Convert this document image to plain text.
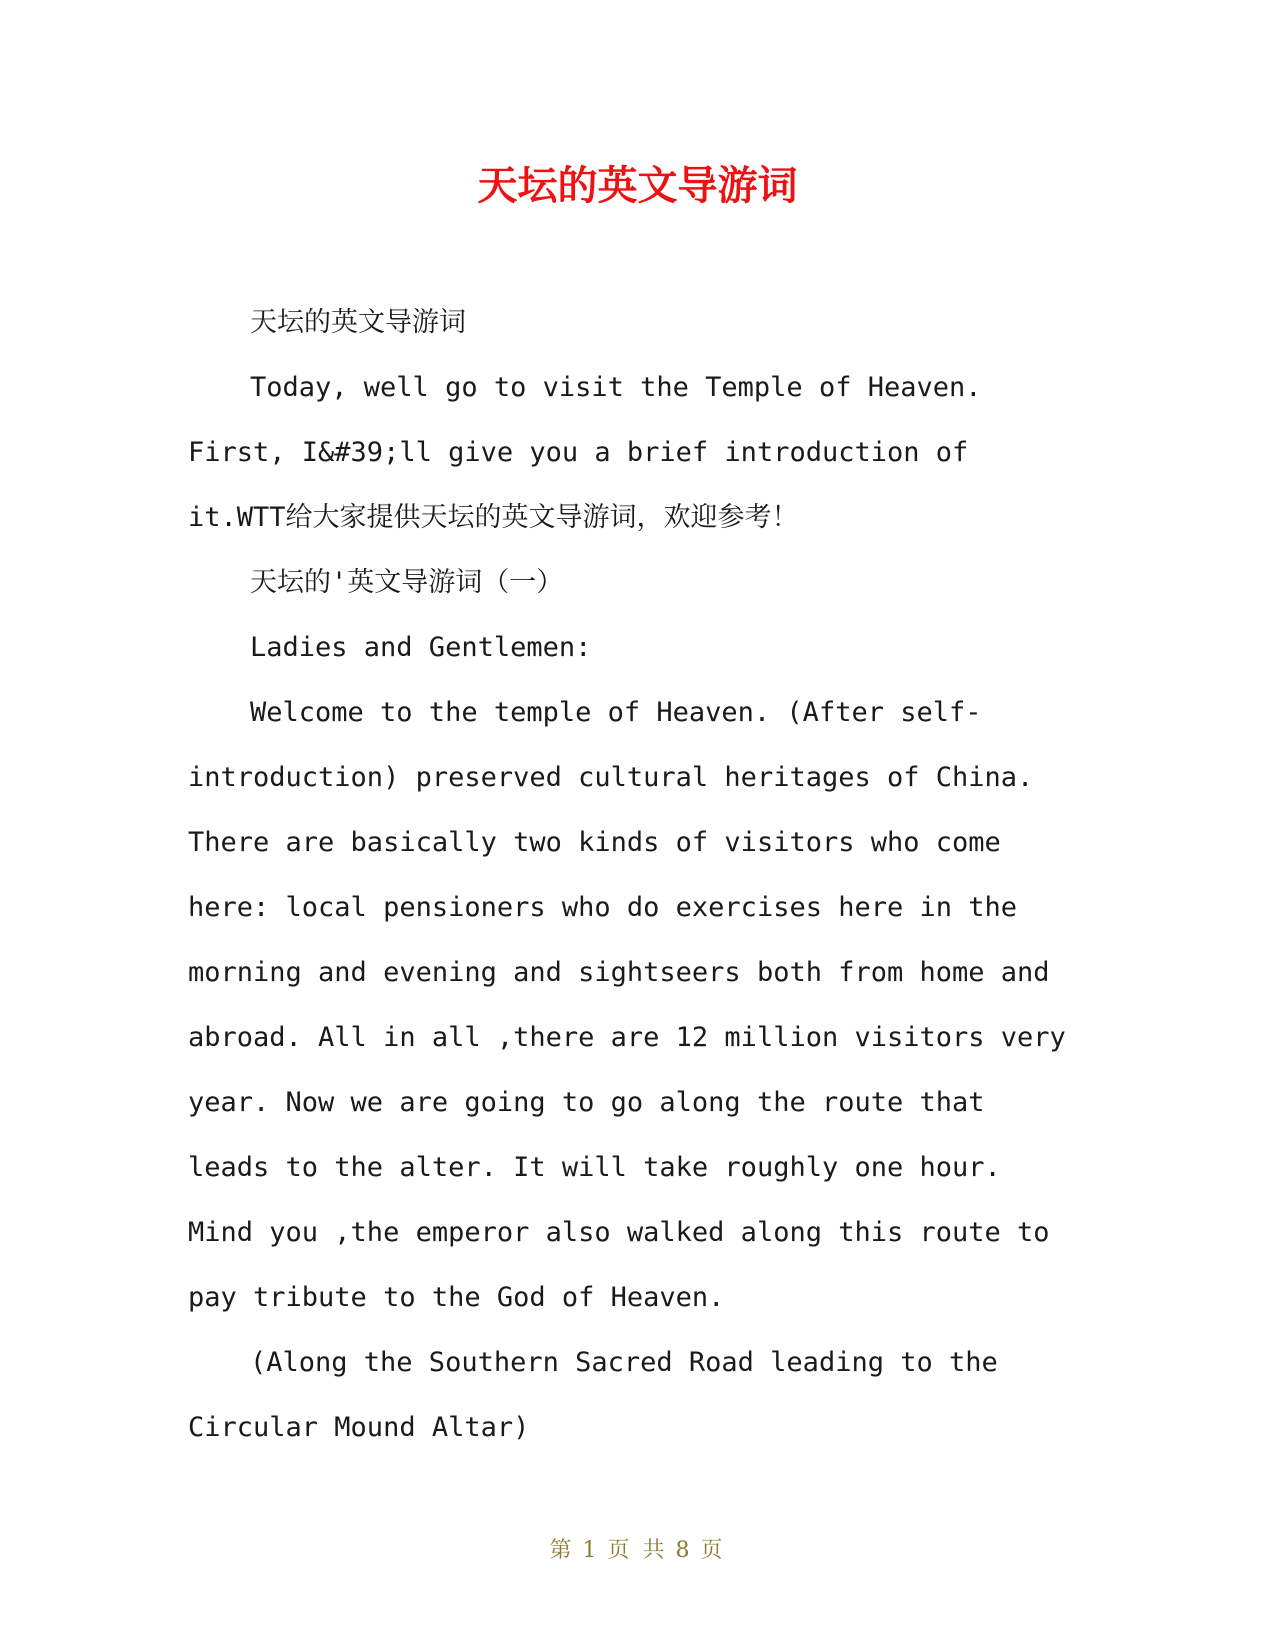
天坛的英文导游词

天坛的英文导游词

Today, well go to visit the Temple of Heaven.
First, I&#39;ll give you a brief introduction of
it.WTT给大家提供天坛的英文导游词，欢迎参考！

天坛的'英文导游词（一）

Ladies and Gentlemen:

Welcome to the temple of Heaven. (After self-
introduction) preserved cultural heritages of China.
There are basically two kinds of visitors who come
here: local pensioners who do exercises here in the
morning and evening and sightseers both from home and
abroad. All in all ,there are 12 million visitors very
year. Now we are going to go along the route that
leads to the alter. It will take roughly one hour.
Mind you ,the emperor also walked along this route to
pay tribute to the God of Heaven.

(Along the Southern Sacred Road leading to the
Circular Mound Altar)

第 1 页 共 8 页
